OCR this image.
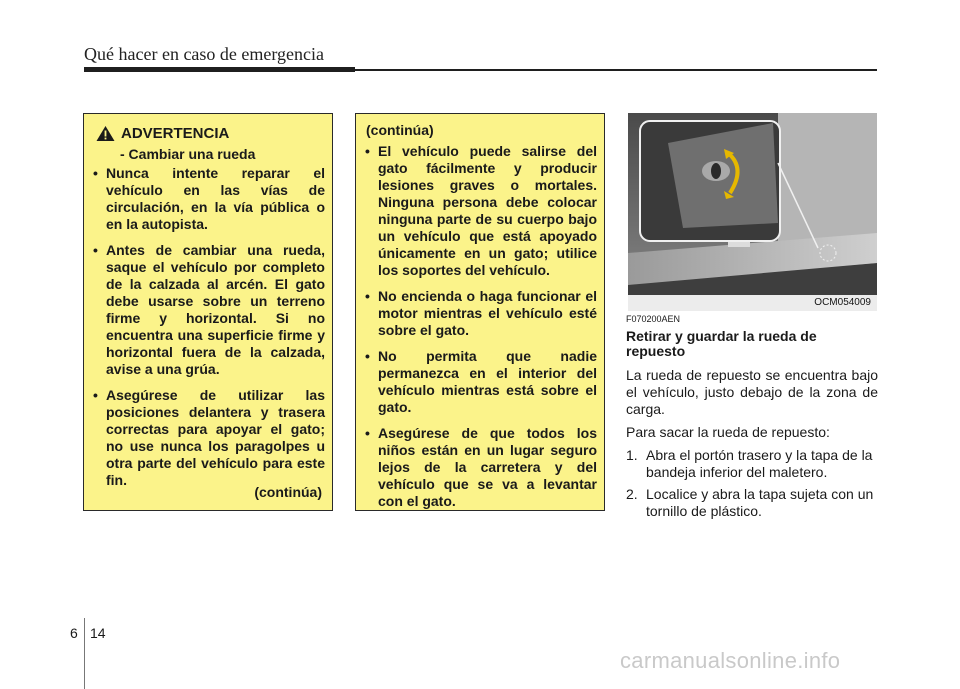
Qué hacer en caso de emergencia
ADVERTENCIA
- Cambiar una rueda
• Nunca intente reparar el vehículo en las vías de circulación, en la vía pública o en la autopista.
• Antes de cambiar una rueda, saque el vehículo por completo de la calzada al arcén. El gato debe usarse sobre un terreno firme y horizontal. Si no encuentra una superficie firme y horizontal fuera de la calzada, avise a una grúa.
• Asegúrese de utilizar las posiciones delantera y trasera correctas para apoyar el gato; no use nunca los paragolpes u otra parte del vehículo para este fin.
(continúa)
(continúa)
• El vehículo puede salirse del gato fácilmente y producir lesiones graves o mortales. Ninguna persona debe colocar ninguna parte de su cuerpo bajo un vehículo que está apoyado únicamente en un gato; utilice los soportes del vehículo.
• No encienda o haga funcionar el motor mientras el vehículo esté sobre el gato.
• No permita que nadie permanezca en el interior del vehículo mientras está sobre el gato.
• Asegúrese de que todos los niños están en un lugar seguro lejos de la carretera y del vehículo que se va a levantar con el gato.
OCM054009
F070200AEN
Retirar y guardar la rueda de repuesto

La rueda de repuesto se encuentra bajo el vehículo, justo debajo de la zona de carga.

Para sacar la rueda de repuesto:

1. Abra el portón trasero y la tapa de la bandeja inferior del maletero.
2. Localice y abra la tapa sujeta con un tornillo de plástico.
6 14
carmanualsonline.info
